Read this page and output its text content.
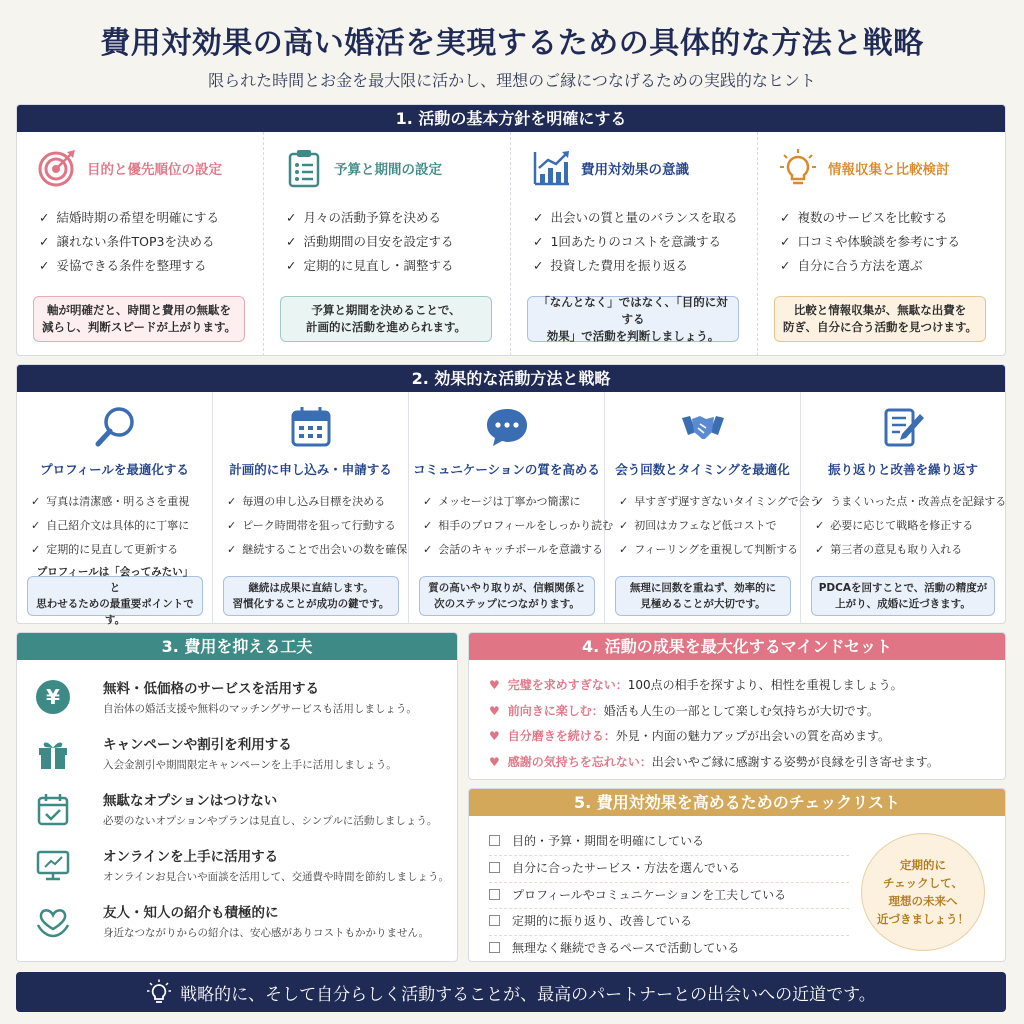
費用対効果の高い婚活を実現するための具体的な方法と戦略
限られた時間とお金を最大限に活かし、理想のご縁につなげるための実践的なヒント
1. 活動の基本方針を明確にする
目的と優先順位の設定
✓ 結婚時期の希望を明確にする
✓ 譲れない条件TOP3を決める
✓ 妥協できる条件を整理する
軸が明確だと、時間と費用の無駄を
減らし、判断スピードが上がります。
予算と期間の設定
✓ 月々の活動予算を決める
✓ 活動期間の目安を設定する
✓ 定期的に見直し・調整する
予算と期間を決めることで、
計画的に活動を進められます。
費用対効果の意識
✓ 出会いの質と量のバランスを取る
✓ 1回あたりのコストを意識する
✓ 投資した費用を振り返る
「なんとなく」ではなく、「目的に対する
効果」で活動を判断しましょう。
情報収集と比較検討
✓ 複数のサービスを比較する
✓ 口コミや体験談を参考にする
✓ 自分に合う方法を選ぶ
比較と情報収集が、無駄な出費を
防ぎ、自分に合う活動を見つけます。
2. 効果的な活動方法と戦略
プロフィールを最適化する
✓ 写真は清潔感・明るさを重視
✓ 自己紹介文は具体的に丁寧に
✓ 定期的に見直して更新する
プロフィールは「会ってみたい」と
思わせるための最重要ポイントです。
計画的に申し込み・申請する
✓ 毎週の申し込み目標を決める
✓ ピーク時間帯を狙って行動する
✓ 継続することで出会いの数を確保
継続は成果に直結します。
習慣化することが成功の鍵です。
コミュニケーションの質を高める
✓ メッセージは丁寧かつ簡潔に
✓ 相手のプロフィールをしっかり読む
✓ 会話のキャッチボールを意識する
質の高いやり取りが、信頼関係と
次のステップにつながります。
会う回数とタイミングを最適化
✓ 早すぎず遅すぎないタイミングで会う
✓ 初回はカフェなど低コストで
✓ フィーリングを重視して判断する
無理に回数を重ねず、効率的に
見極めることが大切です。
振り返りと改善を繰り返す
✓ うまくいった点・改善点を記録する
✓ 必要に応じて戦略を修正する
✓ 第三者の意見も取り入れる
PDCAを回すことで、活動の精度が
上がり、成婚に近づきます。
3. 費用を抑える工夫
¥	無料・低価格のサービスを活用する
自治体の婚活支援や無料のマッチングサービスも活用しましょう。
キャンペーンや割引を利用する
入会金割引や期間限定キャンペーンを上手に活用しましょう。
無駄なオプションはつけない
必要のないオプションやプランは見直し、シンプルに活動しましょう。
オンラインを上手に活用する
オンラインお見合いや面談を活用して、交通費や時間を節約しましょう。
友人・知人の紹介も積極的に
身近なつながりからの紹介は、安心感がありコストもかかりません。
4. 活動の成果を最大化するマインドセット
♥ 完璧を求めすぎない：100点の相手を探すより、相性を重視しましょう。
♥ 前向きに楽しむ：婚活も人生の一部として楽しむ気持ちが大切です。
♥ 自分磨きを続ける：外見・内面の魅力アップが出会いの質を高めます。
♥ 感謝の気持ちを忘れない：出会いやご縁に感謝する姿勢が良縁を引き寄せます。
5. 費用対効果を高めるためのチェックリスト
目的・予算・期間を明確にしている
自分に合ったサービス・方法を選んでいる
プロフィールやコミュニケーションを工夫している
定期的に振り返り、改善している
無理なく継続できるペースで活動している
定期的に
チェックして、
理想の未来へ
近づきましょう！
戦略的に、そして自分らしく活動することが、最高のパートナーとの出会いへの近道です。
